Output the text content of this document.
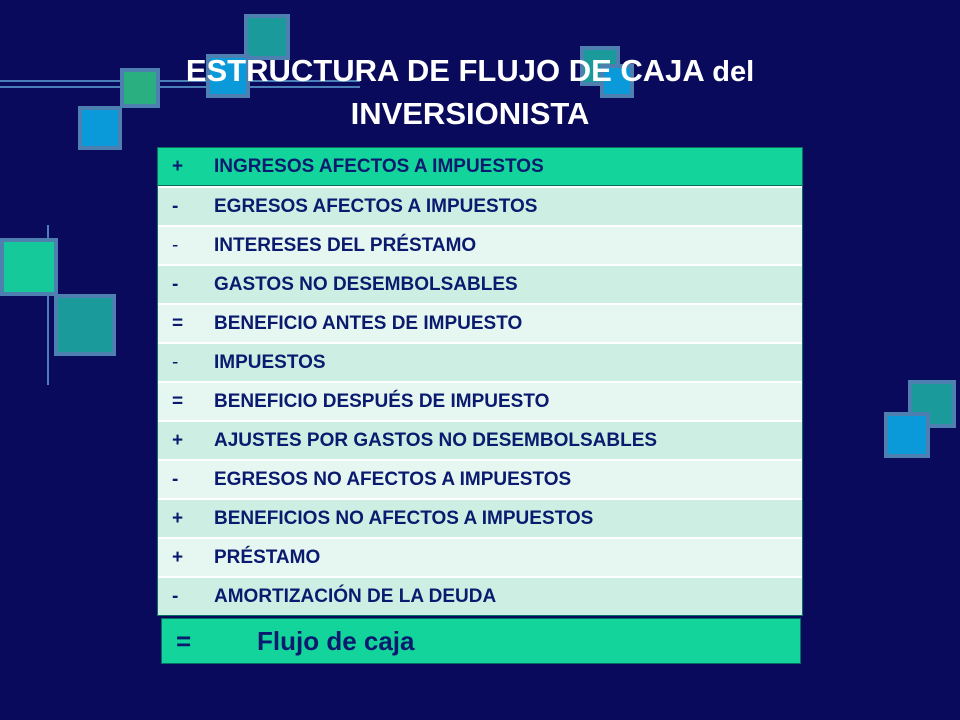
ESTRUCTURA DE FLUJO DE CAJA del
INVERSIONISTA
+	INGRESOS AFECTOS A IMPUESTOS
-	EGRESOS AFECTOS A IMPUESTOS
-	INTERESES DEL PRÉSTAMO
-	GASTOS NO DESEMBOLSABLES
=	BENEFICIO ANTES DE IMPUESTO
-	IMPUESTOS
=	BENEFICIO DESPUÉS DE IMPUESTO
+	AJUSTES POR GASTOS NO DESEMBOLSABLES
-	EGRESOS NO AFECTOS A IMPUESTOS
+	BENEFICIOS NO AFECTOS A IMPUESTOS
+	PRÉSTAMO
-	AMORTIZACIÓN DE LA DEUDA
=	Flujo de caja
